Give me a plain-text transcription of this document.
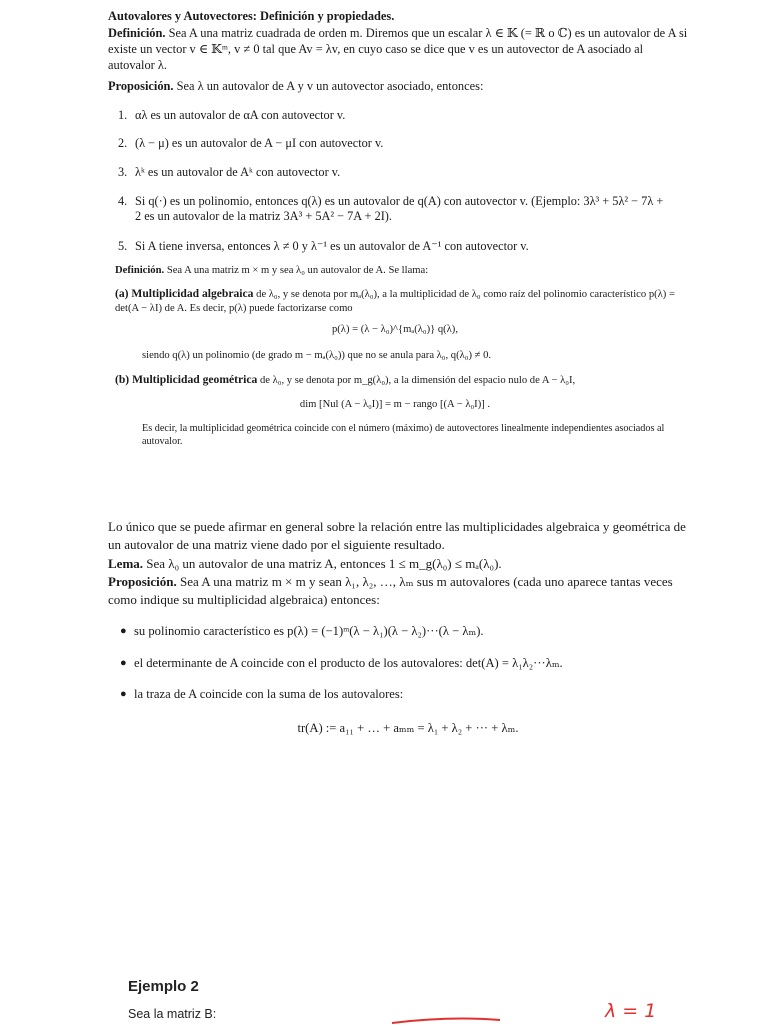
Autovalores y Autovectores: Definición y propiedades.
Definición. Sea A una matriz cuadrada de orden m. Diremos que un escalar λ ∈ 𝕂 (= ℝ o ℂ) es un autovalor de A si existe un vector v ∈ 𝕂ᵐ, v ≠ 0 tal que Av = λv, en cuyo caso se dice que v es un autovector de A asociado al autovalor λ.
Proposición. Sea λ un autovalor de A y v un autovector asociado, entonces:
1. αλ es un autovalor de αA con autovector v.
2. (λ − μ) es un autovalor de A − μI con autovector v.
3. λᵏ es un autovalor de Aᵏ con autovector v.
4. Si q(·) es un polinomio, entonces q(λ) es un autovalor de q(A) con autovector v. (Ejemplo: 3λ³ + 5λ² − 7λ + 2 es un autovalor de la matriz 3A³ + 5A² − 7A + 2I).
5. Si A tiene inversa, entonces λ ≠ 0 y λ⁻¹ es un autovalor de A⁻¹ con autovector v.
Definición. Sea A una matriz m × m y sea λ₀ un autovalor de A. Se llama:
(a) Multiplicidad algebraica de λ₀, y se denota por mₐ(λ₀), a la multiplicidad de λ₀ como raíz del polinomio característico p(λ) = det(A − λI) de A. Es decir, p(λ) puede factorizarse como
p(λ) = (λ − λ₀)^{mₐ(λ₀)} q(λ),
siendo q(λ) un polinomio (de grado m − mₐ(λ₀)) que no se anula para λ₀, q(λ₀) ≠ 0.
(b) Multiplicidad geométrica de λ₀, y se denota por m_g(λ₀), a la dimensión del espacio nulo de A − λ₀I,
dim [Nul (A − λ₀I)] = m − rango [(A − λ₀I)] .
Es decir, la multiplicidad geométrica coincide con el número (máximo) de autovectores linealmente independientes asociados al autovalor.
Lo único que se puede afirmar en general sobre la relación entre las multiplicidades algebraica y geométrica de un autovalor de una matriz viene dado por el siguiente resultado.
Lema. Sea λ₀ un autovalor de una matriz A, entonces 1 ≤ m_g(λ₀) ≤ mₐ(λ₀).
Proposición. Sea A una matriz m × m y sean λ₁, λ₂, …, λₘ sus m autovalores (cada uno aparece tantas veces como indique su multiplicidad algebraica) entonces:
● su polinomio característico es p(λ) = (−1)ᵐ(λ − λ₁)(λ − λ₂)···(λ − λₘ).
● el determinante de A coincide con el producto de los autovalores: det(A) = λ₁λ₂···λₘ.
● la traza de A coincide con la suma de los autovalores:
tr(A) := a₁₁ + … + aₘₘ = λ₁ + λ₂ + ··· + λₘ.
Ejemplo 2
Sea la matriz B:	λ = 1
